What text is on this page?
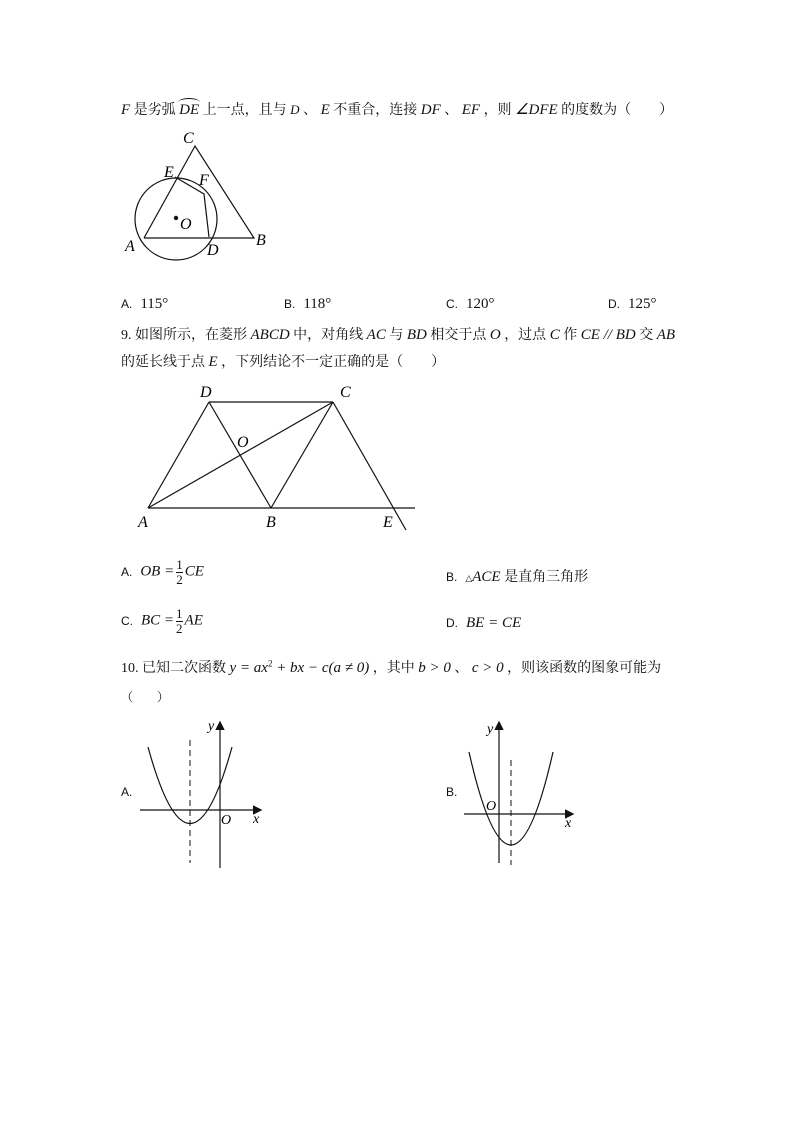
F 是劣弧 DE 上一点，且与 D 、 E 不重合，连接 DF 、 EF ，则 ∠DFE 的度数为（　　）
C
E F
O
A	D
B
A. 115°	B. 118°	C. 120°	D. 125°
9. 如图所示，在菱形 ABCD 中，对角线 AC 与 BD 相交于点 O ，过点 C 作 CE // BD 交 AB
的延长线于点 E ，下列结论不一定正确的是（　　）
D	C
O
A	B	E
A. OB = $\frac{1}{2}$ CE	B. △ACE 是直角三角形
C. BC = $\frac{1}{2}$ AE	D. BE = CE
10. 已知二次函数 $y = ax^2$ + bx − c(a ≠ 0) ，其中 b > 0 、 c > 0 ，则该函数的图象可能为
（　　）
A.
y
x
O
B.
y
x
O
